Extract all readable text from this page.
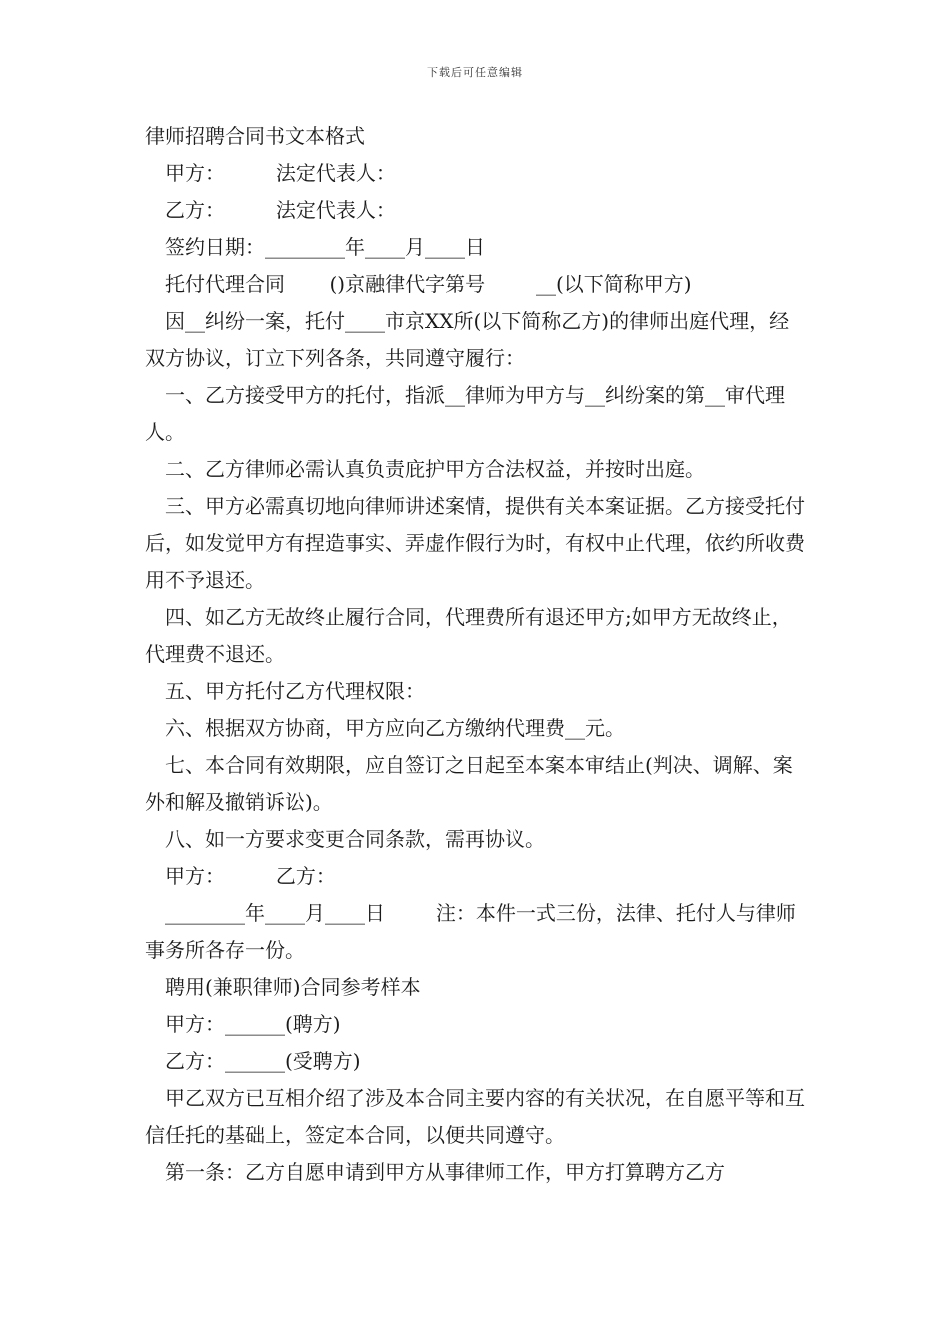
下载后可任意编辑

律师招聘合同书文本格式

甲方：        法定代表人：

乙方：        法定代表人：

签约日期：________年____月____日

托付代理合同       ()京融律代字第号        __(以下简称甲方)

因__纠纷一案，托付____市京XX所(以下简称乙方)的律师出庭代理，经双方协议，订立下列各条，共同遵守履行：

一、乙方接受甲方的托付，指派__律师为甲方与__纠纷案的第__审代理人。

二、乙方律师必需认真负责庇护甲方合法权益，并按时出庭。

三、甲方必需真切地向律师讲述案情，提供有关本案证据。乙方接受托付后，如发觉甲方有捏造事实、弄虚作假行为时，有权中止代理，依约所收费用不予退还。

四、如乙方无故终止履行合同，代理费所有退还甲方;如甲方无故终止，代理费不退还。

五、甲方托付乙方代理权限：

六、根据双方协商，甲方应向乙方缴纳代理费__元。

七、本合同有效期限，应自签订之日起至本案本审结止(判决、调解、案外和解及撤销诉讼)。

八、如一方要求变更合同条款，需再协议。

甲方：        乙方：

________年____月____日        注：本件一式三份，法律、托付人与律师事务所各存一份。

聘用(兼职律师)合同参考样本

甲方：______(聘方)

乙方：______(受聘方)

甲乙双方已互相介绍了涉及本合同主要内容的有关状况，在自愿平等和互信任托的基础上，签定本合同，以便共同遵守。

第一条：乙方自愿申请到甲方从事律师工作，甲方打算聘方乙方
